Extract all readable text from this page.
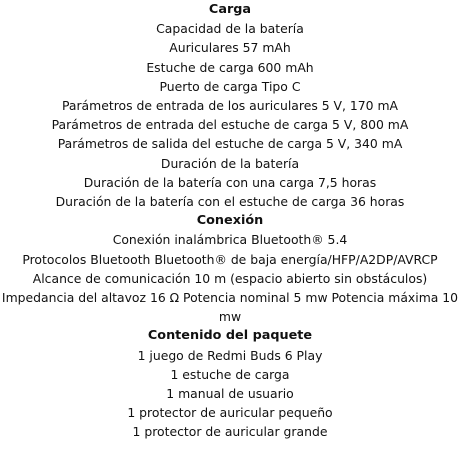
Carga
Capacidad de la batería
Auriculares 57 mAh
Estuche de carga 600 mAh
Puerto de carga Tipo C
Parámetros de entrada de los auriculares 5 V, 170 mA
Parámetros de entrada del estuche de carga 5 V, 800 mA
Parámetros de salida del estuche de carga 5 V, 340 mA
Duración de la batería
Duración de la batería con una carga 7,5 horas
Duración de la batería con el estuche de carga 36 horas
Conexión
Conexión inalámbrica Bluetooth® 5.4
Protocolos Bluetooth Bluetooth® de baja energía/HFP/A2DP/AVRCP
Alcance de comunicación 10 m (espacio abierto sin obstáculos)
Impedancia del altavoz 16 Ω Potencia nominal 5 mw Potencia máxima 10 mw
Contenido del paquete
1 juego de Redmi Buds 6 Play
1 estuche de carga
1 manual de usuario
1 protector de auricular pequeño
1 protector de auricular grande
